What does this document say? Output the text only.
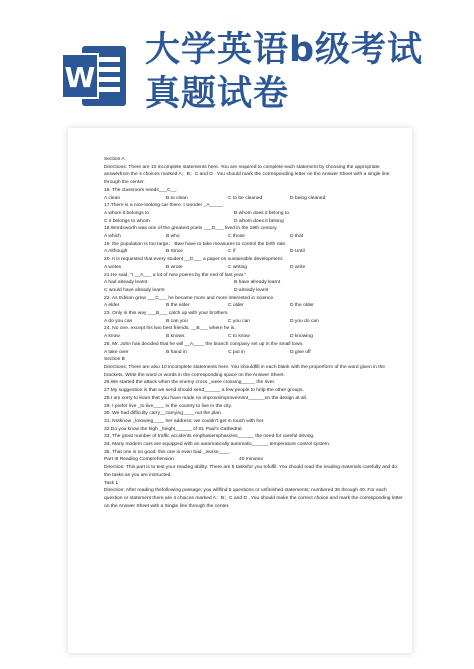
W
大学英语b级考试
真题试卷

Section A

Directions: There are 10 incomplete statements here. You are required to complete each statement by choosing the appropriate answerfrom the 4 choices marked A；B；C and D . You should mark the corresponding letter on the Answer Sheet with a single line through the center.

16. The classroom needs___C__.

A clean	B to clean	C to be cleaned	D being cleaned

17.There is a nice-looking car there. I wonder _A_____.

A whom it belongs to	B whom does it belong to
C it belongs to whom	D whom does it belong

18.Wordsworth was one of the greatest poets ___D___ lived in the 19th century.

A which	B who	C those	D that

19. the population is too large； Bwe have to take measures to control the birth rate.

A Although	B Since	C if	D Until

20. It is requested that every student __D___ a paper on sustainable development.

A writes	B wrote	C writing	D write

21.He said, "I __A___ a lot of new poems by the end of last year."

A had already learnt	B have already learnt
C would have already learnt	D already learnt

22. As Edison grew ___C___ he became more and more interested in science.

A elder	B the elder	C older	D the older

23. Only in this way ___B___ catch up with your brothers.

A do you can	B can you	C you can	D you do can

24. No one. except his two best friends. __B___ where he is.

A know	B knows	C to know	D knowing

25. Mr. John has decided that he will __A____ the branch company set up in the small town.

A take over	B hand in	C put in	D give off

Section B

Directions: There are also 10 incomplete statements here. You shouldfill in each blank with the properform of the word given in the brackets. Write the word or words in the corresponding space on the Answer Sheet.

26.We started the attack when the enemy cross _were crossing_____ the river.

27.My suggestion is that we send should send______ a few people to help the other groups.

28.I am sorry to learn that you have made no improveimprovement______on the design at all.

29. I prefer live _to live____ in the country to live in the city.

30. We had difficulty carry__carrying____ out the plan.

31. Notknow _knowing____ her address; we couldn't get in touch with her.

32.Do you know the high _height______ of St. Paul's Cathedral.

33. The great number of traffic accidents emphasiemphasizes______ the need for careful driving.

34. Many modern cars are equipped with an automatically automatic______ temperature control system.

35. That one is no good; this one is even bad _worse____.

Part III Reading Comprehension	40 minutes

Direction: This part is to test your reading ability. There are 5 tasksfor you tofulfil. You should read the reading materials carefully and do the tasks as you are instructed.

Task 1

Direction: After reading thefollowing passage; you willfind 5 questions or unfinished statements; numbered 36 through 40. For each question or statement there are 4 choices marked A；B；C and D . You should make the correct choice and mark the corresponding letter on the Answer Sheet with a Single line through the center.
